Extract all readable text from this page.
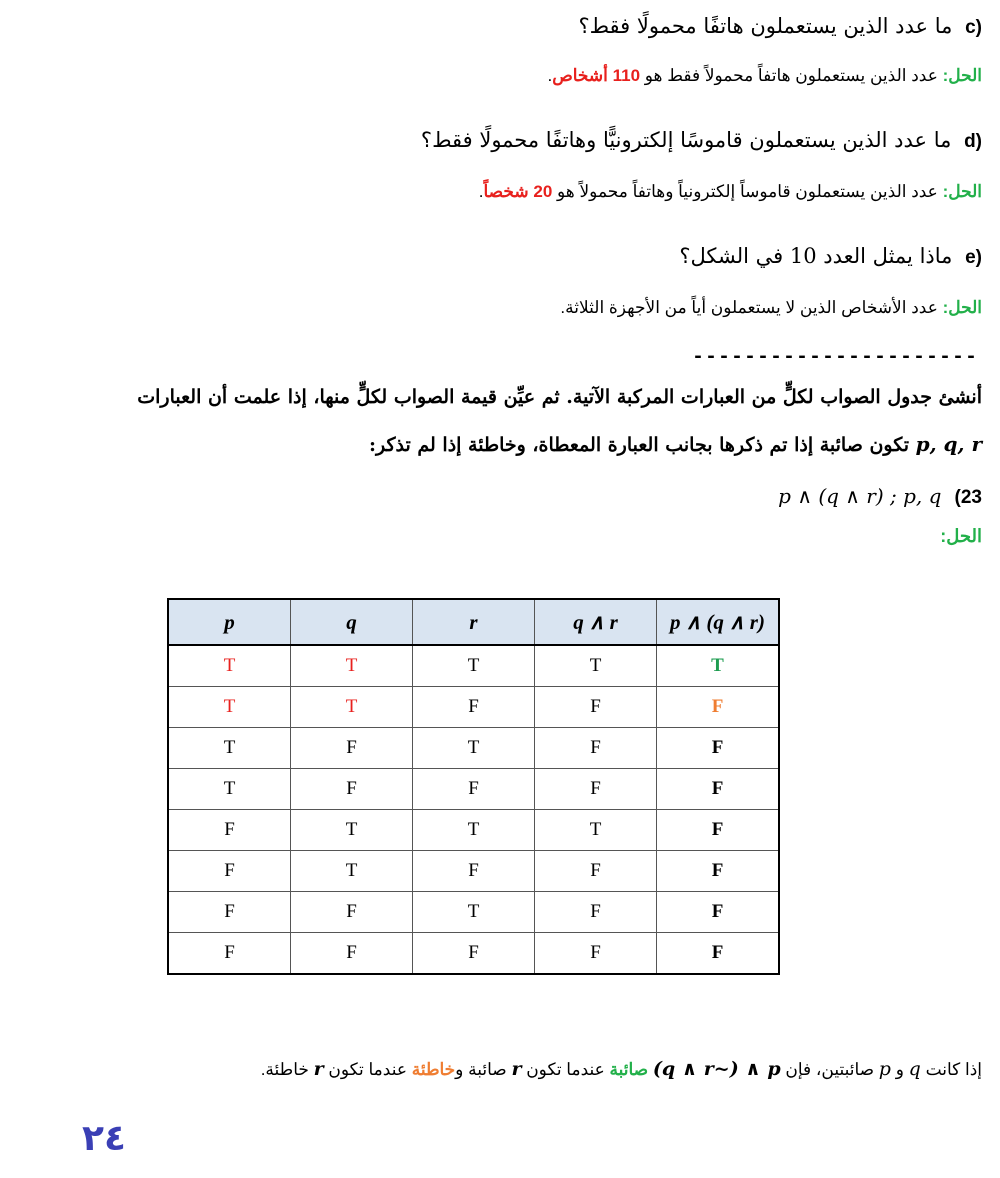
c) ما عدد الذين يستعملون هاتفًا محمولًا فقط؟
الحل: عدد الذين يستعملون هاتفاً محمولاً فقط هو 110 أشخاص.
d) ما عدد الذين يستعملون قاموسًا إلكترونيًّا وهاتفًا محمولًا فقط؟
الحل: عدد الذين يستعملون قاموساً إلكترونياً وهاتفاً محمولاً هو 20 شخصاً.
e) ماذا يمثل العدد 10 في الشكل؟
الحل: عدد الأشخاص الذين لا يستعملون أياً من الأجهزة الثلاثة.
----------------------
أنشئ جدول الصواب لكلٍّ من العبارات المركبة الآتية. ثم عيِّن قيمة الصواب لكلٍّ منها، إذا علمت أن العبارات
p, q, r تكون صائبة إذا تم ذكرها بجانب العبارة المعطاة، وخاطئة إذا لم تذكر:
(23 p ∧ (q ∧ r) ; p, q
الحل:
p	q	r	q ∧ r	p ∧ (q ∧ r)
T	T	T	T	T
T	T	F	F	F
T	F	T	F	F
T	F	F	F	F
F	T	T	T	F
F	T	F	F	F
F	F	T	F	F
F	F	F	F	F
إذا كانت q و p صائبتين، فإن (q ∧ r~) ∧ p صائبة عندما تكون r صائبة وخاطئة عندما تكون r خاطئة.
٢٤
